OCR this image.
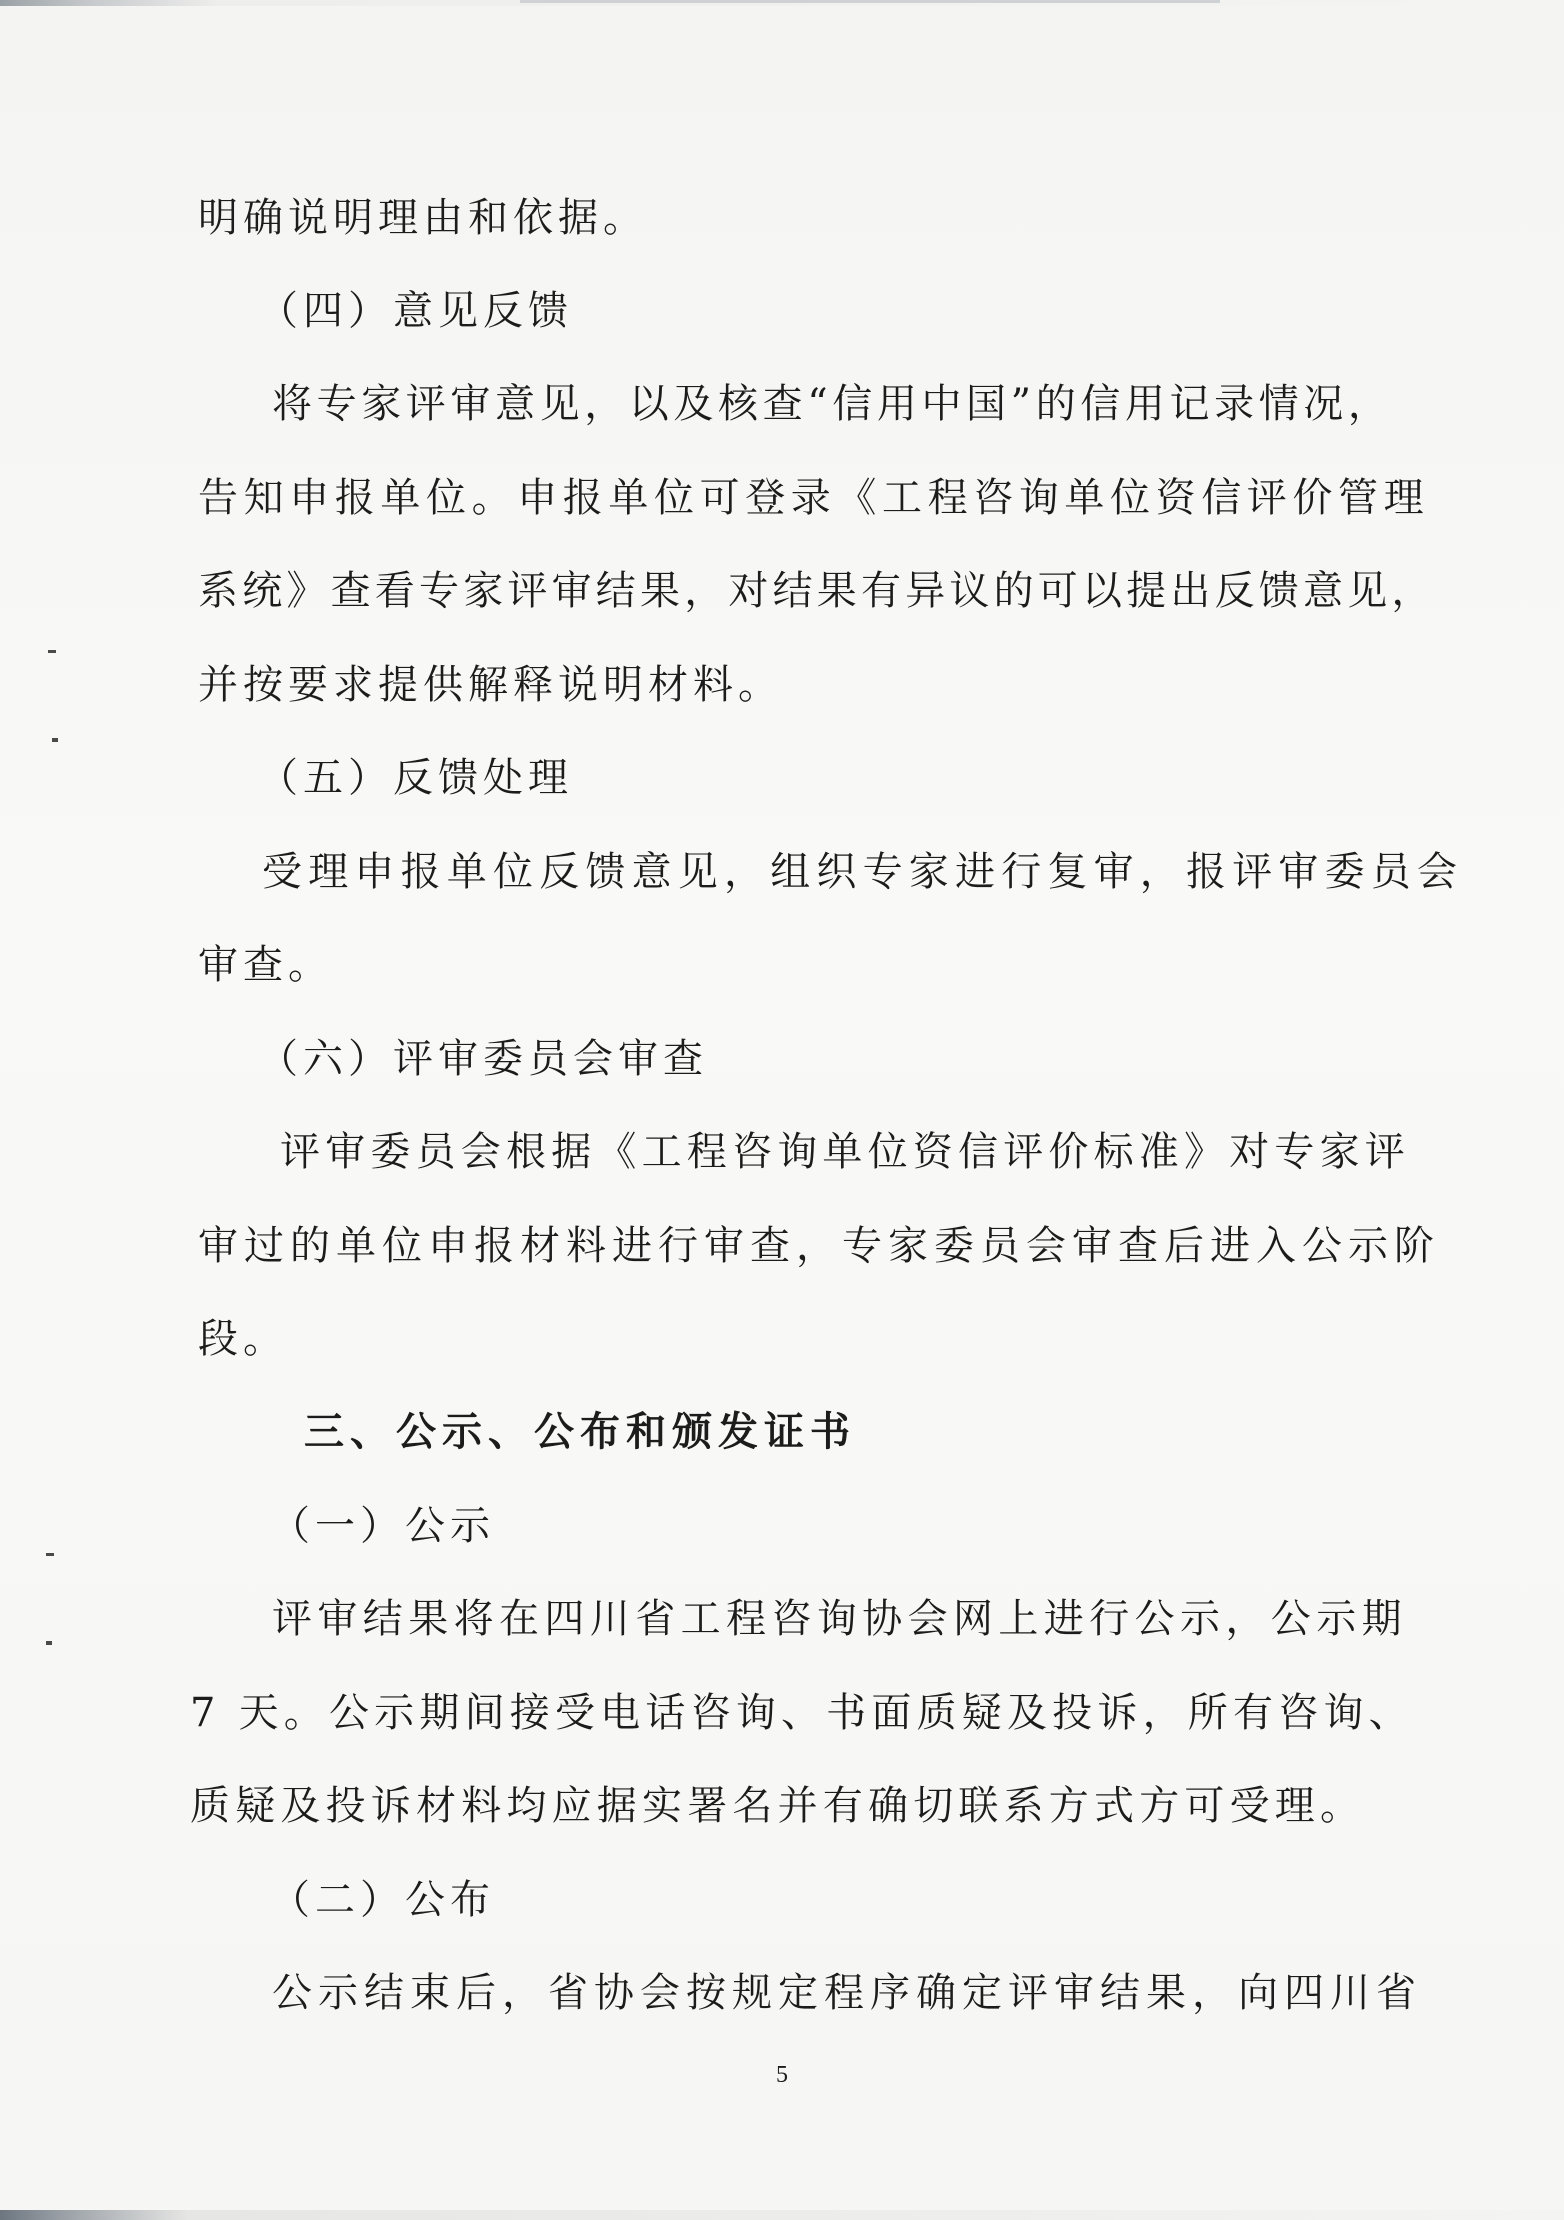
明确说明理由和依据。

（四）意见反馈

将专家评审意见，以及核查“信用中国”的信用记录情况，

告知申报单位。申报单位可登录《工程咨询单位资信评价管理

系统》查看专家评审结果，对结果有异议的可以提出反馈意见，

并按要求提供解释说明材料。

（五）反馈处理

受理申报单位反馈意见，组织专家进行复审，报评审委员会

审查。

（六）评审委员会审查

评审委员会根据《工程咨询单位资信评价标准》对专家评

审过的单位申报材料进行审查，专家委员会审查后进入公示阶

段。

三、公示、公布和颁发证书

（一）公示

评审结果将在四川省工程咨询协会网上进行公示，公示期

7 天。公示期间接受电话咨询、书面质疑及投诉，所有咨询、

质疑及投诉材料均应据实署名并有确切联系方式方可受理。

（二）公布

公示结束后，省协会按规定程序确定评审结果，向四川省

5
